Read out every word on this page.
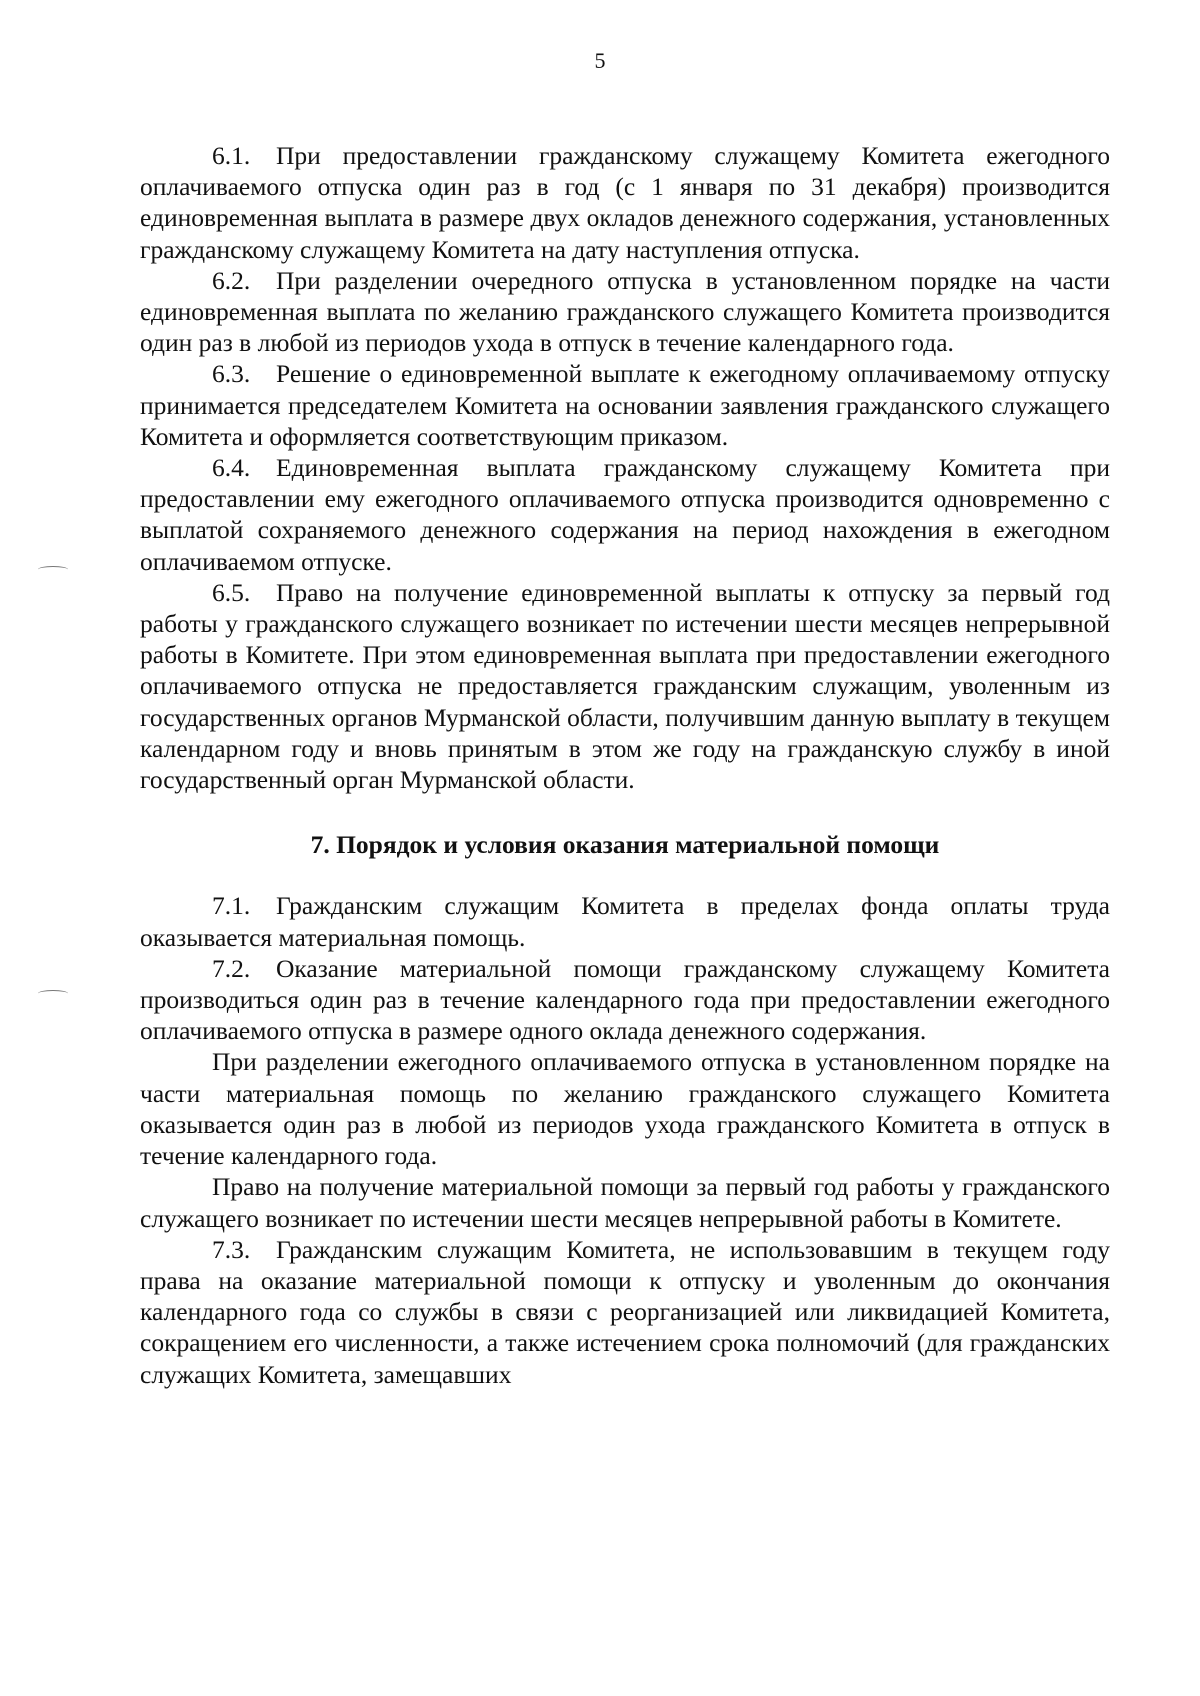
5

6.1. При предоставлении гражданскому служащему Комитета ежегодного оплачиваемого отпуска один раз в год (с 1 января по 31 декабря) производится единовременная выплата в размере двух окладов денежного содержания, установленных гражданскому служащему Комитета на дату наступления отпуска.

6.2. При разделении очередного отпуска в установленном порядке на части единовременная выплата по желанию гражданского служащего Комитета производится один раз в любой из периодов ухода в отпуск в течение календарного года.

6.3. Решение о единовременной выплате к ежегодному оплачиваемому отпуску принимается председателем Комитета на основании заявления гражданского служащего Комитета и оформляется соответствующим приказом.

6.4. Единовременная выплата гражданскому служащему Комитета при предоставлении ему ежегодного оплачиваемого отпуска производится одновременно с выплатой сохраняемого денежного содержания на период нахождения в ежегодном оплачиваемом отпуске.

6.5. Право на получение единовременной выплаты к отпуску за первый год работы у гражданского служащего возникает по истечении шести месяцев непрерывной работы в Комитете. При этом единовременная выплата при предоставлении ежегодного оплачиваемого отпуска не предоставляется гражданским служащим, уволенным из государственных органов Мурманской области, получившим данную выплату в текущем календарном году и вновь принятым в этом же году на гражданскую службу в иной государственный орган Мурманской области.

7. Порядок и условия оказания материальной помощи

7.1. Гражданским служащим Комитета в пределах фонда оплаты труда оказывается материальная помощь.

7.2. Оказание материальной помощи гражданскому служащему Комитета производиться один раз в течение календарного года при предоставлении ежегодного оплачиваемого отпуска в размере одного оклада денежного содержания.

При разделении ежегодного оплачиваемого отпуска в установленном порядке на части материальная помощь по желанию гражданского служащего Комитета оказывается один раз в любой из периодов ухода гражданского Комитета в отпуск в течение календарного года.

Право на получение материальной помощи за первый год работы у гражданского служащего возникает по истечении шести месяцев непрерывной работы в Комитете.

7.3. Гражданским служащим Комитета, не использовавшим в текущем году права на оказание материальной помощи к отпуску и уволенным до окончания календарного года со службы в связи с реорганизацией или ликвидацией Комитета, сокращением его численности, а также истечением срока полномочий (для гражданских служащих Комитета, замещавших
